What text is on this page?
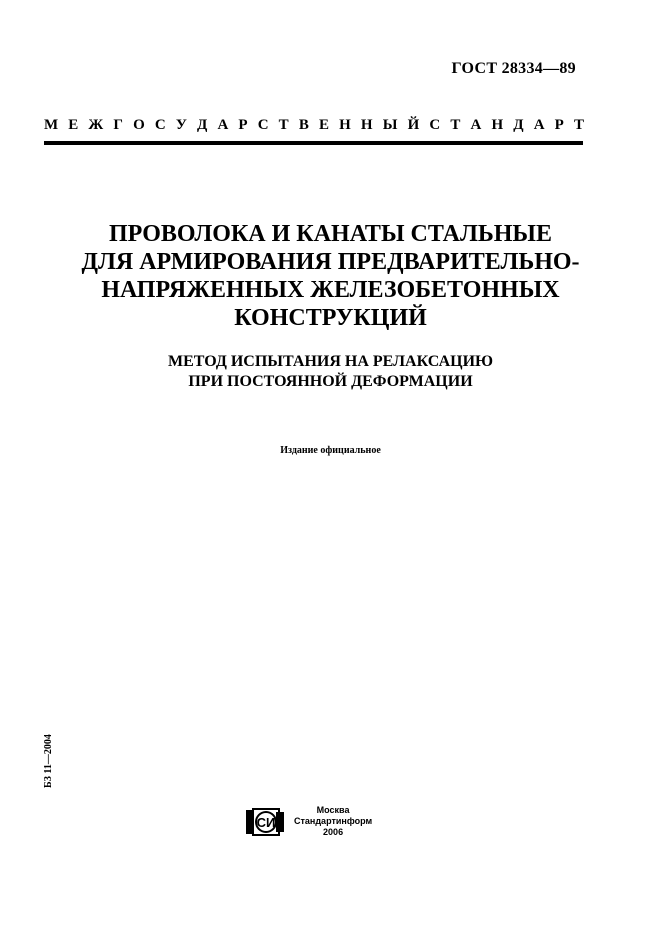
ГОСТ 28334—89
М Е Ж Г О С У Д А Р С Т В Е Н Н Ы Й С Т А Н Д А Р Т
ПРОВОЛОКА И КАНАТЫ СТАЛЬНЫЕ
ДЛЯ АРМИРОВАНИЯ ПРЕДВАРИТЕЛЬНО-
НАПРЯЖЕННЫХ ЖЕЛЕЗОБЕТОННЫХ
КОНСТРУКЦИЙ
МЕТОД ИСПЫТАНИЯ НА РЕЛАКСАЦИЮ
ПРИ ПОСТОЯННОЙ ДЕФОРМАЦИИ
Издание официальное
БЗ 11—2004
СИ
Москва
Стандартинформ
2006
